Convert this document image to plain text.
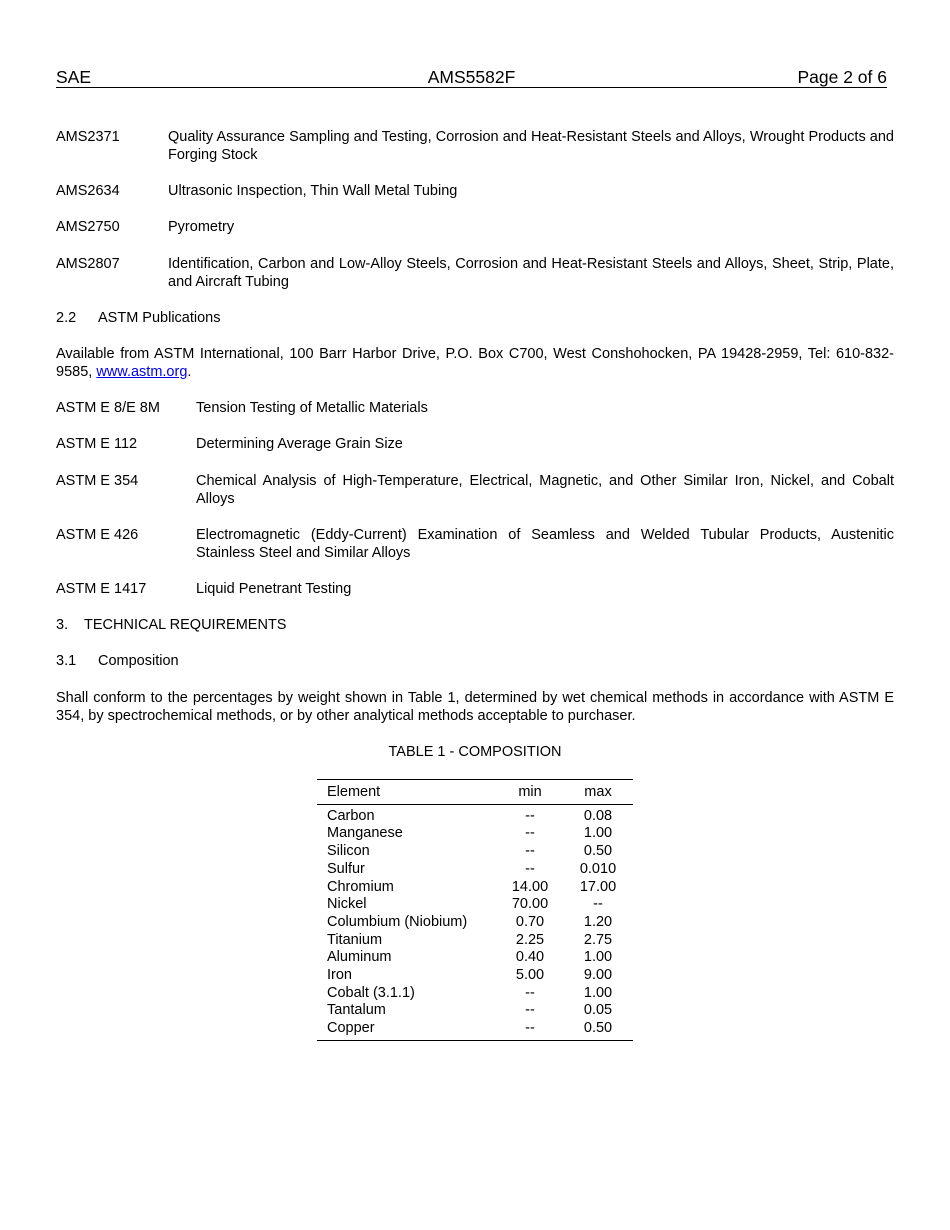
SAE	AMS5582F	Page 2 of 6
AMS2371	Quality Assurance Sampling and Testing, Corrosion and Heat-Resistant Steels and Alloys, Wrought Products and Forging Stock
AMS2634	Ultrasonic Inspection, Thin Wall Metal Tubing
AMS2750	Pyrometry
AMS2807	Identification, Carbon and Low-Alloy Steels, Corrosion and Heat-Resistant Steels and Alloys, Sheet, Strip, Plate, and Aircraft Tubing
2.2 ASTM Publications
Available from ASTM International, 100 Barr Harbor Drive, P.O. Box C700, West Conshohocken, PA 19428-2959, Tel: 610-832-9585, www.astm.org.
ASTM E 8/E 8M Tension Testing of Metallic Materials
ASTM E 112	Determining Average Grain Size
ASTM E 354	Chemical Analysis of High-Temperature, Electrical, Magnetic, and Other Similar Iron, Nickel, and Cobalt Alloys
ASTM E 426	Electromagnetic (Eddy-Current) Examination of Seamless and Welded Tubular Products, Austenitic Stainless Steel and Similar Alloys
ASTM E 1417	Liquid Penetrant Testing
3. TECHNICAL REQUIREMENTS
3.1 Composition
Shall conform to the percentages by weight shown in Table 1, determined by wet chemical methods in accordance with ASTM E 354, by spectrochemical methods, or by other analytical methods acceptable to purchaser.
TABLE 1 - COMPOSITION
Element	min	max
Carbon	--	0.08
Manganese	--	1.00
Silicon	--	0.50
Sulfur	--	0.010
Chromium	14.00	17.00
Nickel	70.00	--
Columbium (Niobium)	0.70	1.20
Titanium	2.25	2.75
Aluminum	0.40	1.00
Iron	5.00	9.00
Cobalt (3.1.1)	--	1.00
Tantalum	--	0.05
Copper	--	0.50
